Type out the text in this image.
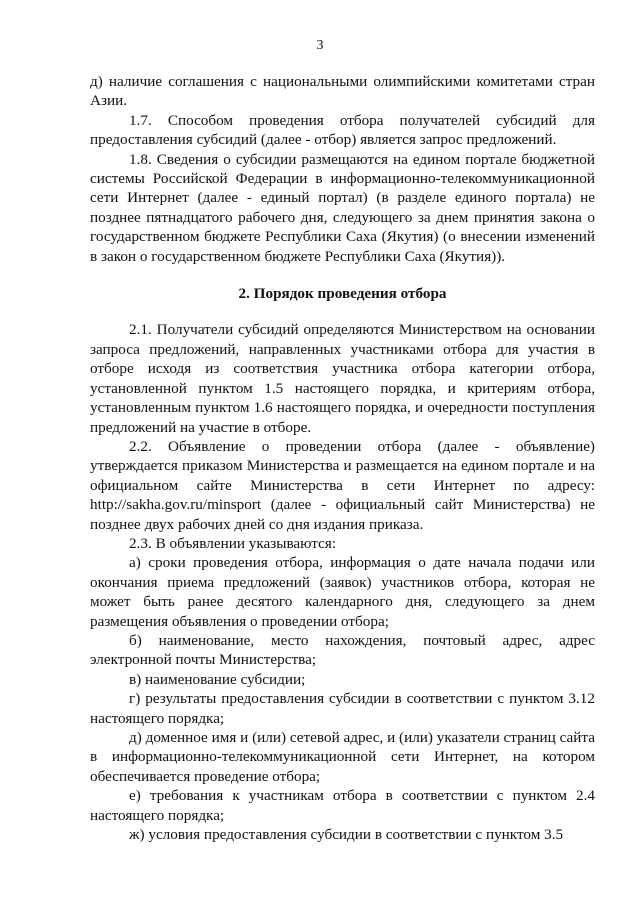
3

д) наличие соглашения с национальными олимпийскими комитетами стран Азии.

1.7. Способом проведения отбора получателей субсидий для предоставления субсидий (далее - отбор) является запрос предложений.

1.8. Сведения о субсидии размещаются на едином портале бюджетной системы Российской Федерации в информационно-телекоммуникационной сети Интернет (далее - единый портал) (в разделе единого портала) не позднее пятнадцатого рабочего дня, следующего за днем принятия закона о государственном бюджете Республики Саха (Якутия) (о внесении изменений в закон о государственном бюджете Республики Саха (Якутия)).

2. Порядок проведения отбора

2.1. Получатели субсидий определяются Министерством на основании запроса предложений, направленных участниками отбора для участия в отборе исходя из соответствия участника отбора категории отбора, установленной пунктом 1.5 настоящего порядка, и критериям отбора, установленным пунктом 1.6 настоящего порядка, и очередности поступления предложений на участие в отборе.

2.2. Объявление о проведении отбора (далее - объявление) утверждается приказом Министерства и размещается на едином портале и на официальном сайте Министерства в сети Интернет по адресу: http://sakha.gov.ru/minsport (далее - официальный сайт Министерства) не позднее двух рабочих дней со дня издания приказа.

2.3. В объявлении указываются:

а) сроки проведения отбора, информация о дате начала подачи или окончания приема предложений (заявок) участников отбора, которая не может быть ранее десятого календарного дня, следующего за днем размещения объявления о проведении отбора;

б) наименование, место нахождения, почтовый адрес, адрес электронной почты Министерства;

в) наименование субсидии;

г) результаты предоставления субсидии в соответствии с пунктом 3.12 настоящего порядка;

д) доменное имя и (или) сетевой адрес, и (или) указатели страниц сайта в информационно-телекоммуникационной сети Интернет, на котором обеспечивается проведение отбора;

е) требования к участникам отбора в соответствии с пунктом 2.4 настоящего порядка;

ж) условия предоставления субсидии в соответствии с пунктом 3.5
